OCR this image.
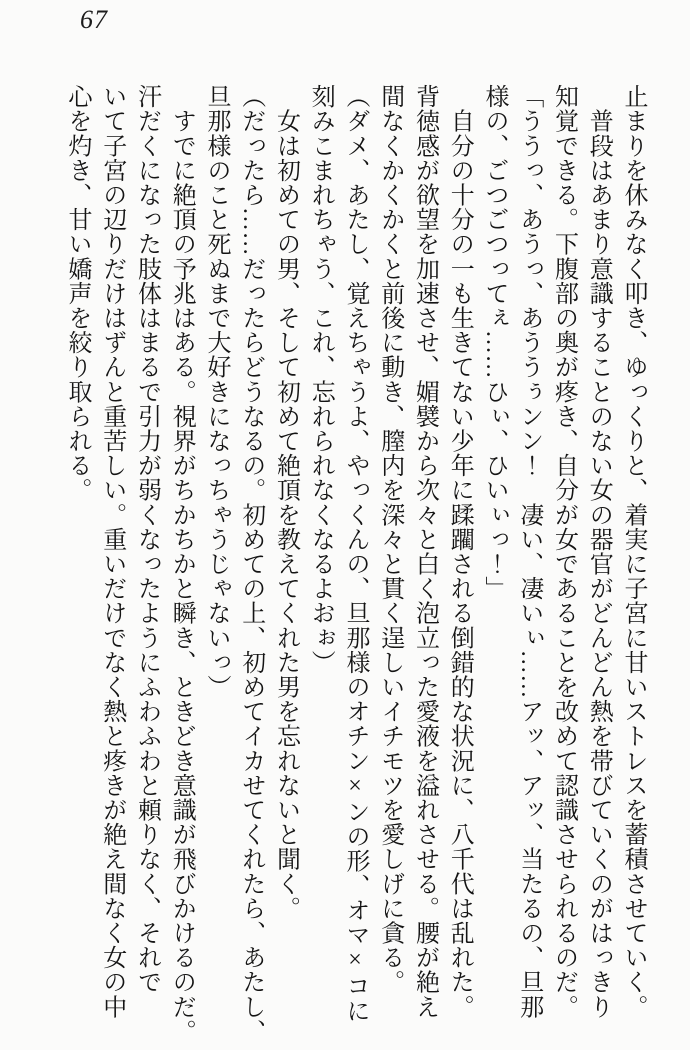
67
止まりを休みなく叩き、ゆっくりと、着実に子宮に甘いストレスを蓄積させていく。
　普段はあまり意識することのない女の器官がどんどん熱を帯びていくのがはっきり
知覚できる。下腹部の奥が疼き、自分が女であることを改めて認識させられるのだ。
「ううっ、あうっ、あううぅンン！　凄い、凄いぃ……アッ、アッ、当たるの、旦那
様の、ごつごつってぇ……ひぃ、ひいぃっ！」
　自分の十分の一も生きてない少年に蹂躙される倒錯的な状況に、八千代は乱れた。
背徳感が欲望を加速させ、媚襞から次々と白く泡立った愛液を溢れさせる。腰が絶え
間なくかくかくと前後に動き、膣内を深々と貫く逞しいイチモツを愛しげに貪る。
（ダメ、あたし、覚えちゃうよ、やっくんの、旦那様のオチン×ンの形、オマ×コに
刻みこまれちゃう、これ、忘れられなくなるよおぉ）
　女は初めての男、そして初めて絶頂を教えてくれた男を忘れないと聞く。
（だったら……だったらどうなるの。初めての上、初めてイカせてくれたら、あたし、
旦那様のこと死ぬまで大好きになっちゃうじゃないっ）
　すでに絶頂の予兆はある。視界がちかちかと瞬き、ときどき意識が飛びかけるのだ。
汗だくになった肢体はまるで引力が弱くなったようにふわふわと頼りなく、それで
いて子宮の辺りだけはずんと重苦しい。重いだけでなく熱と疼きが絶え間なく女の中
心を灼き、甘い嬌声を絞り取られる。
